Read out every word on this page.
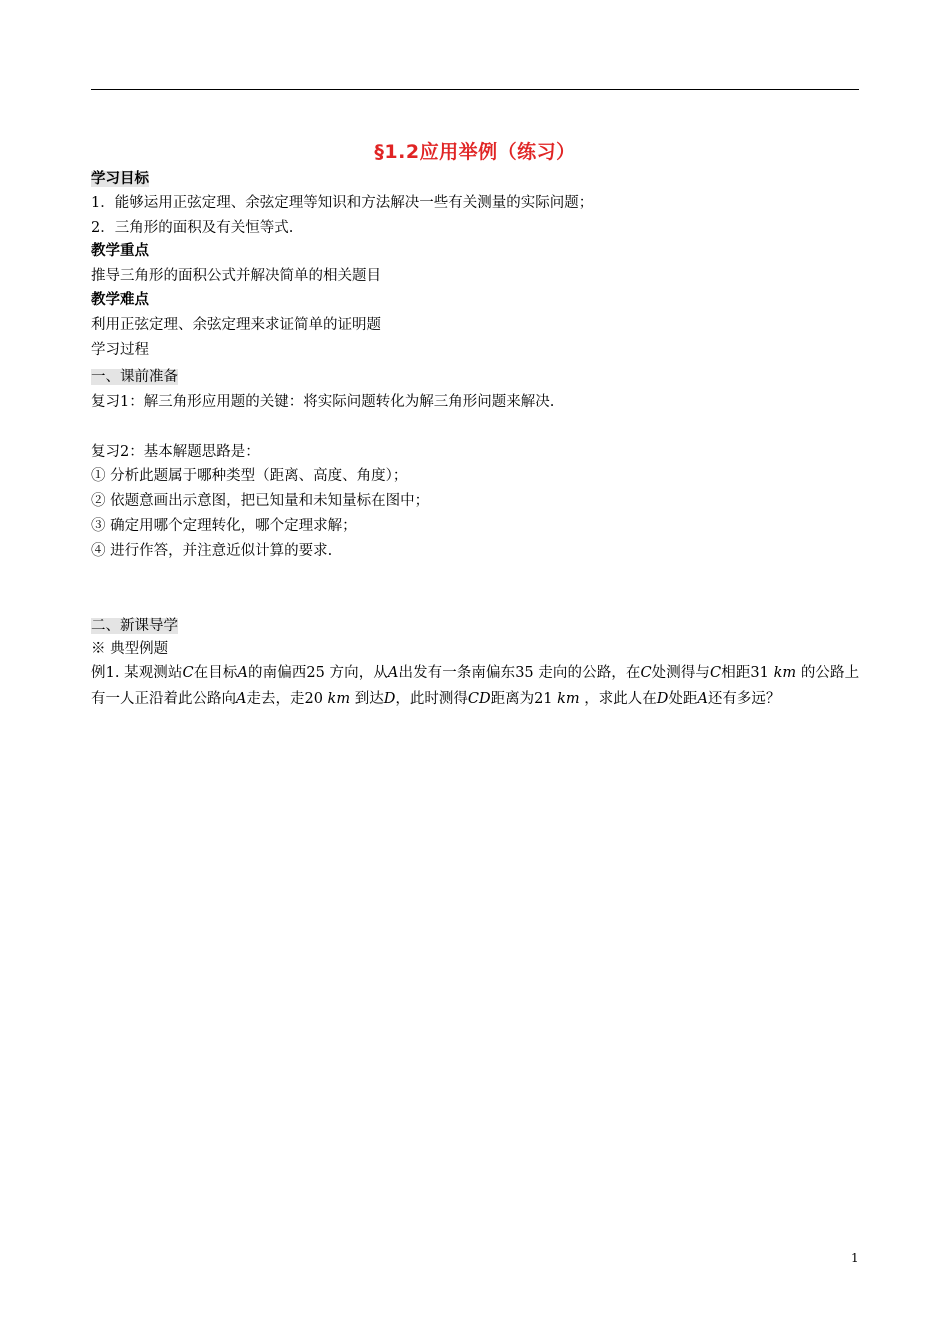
§1.2应用举例（练习）
学习目标
1．能够运用正弦定理、余弦定理等知识和方法解决一些有关测量的实际问题；
2．三角形的面积及有关恒等式.
教学重点
推导三角形的面积公式并解决简单的相关题目
教学难点
利用正弦定理、余弦定理来求证简单的证明题
学习过程
一、课前准备
复习1：解三角形应用题的关键：将实际问题转化为解三角形问题来解决.
复习2：基本解题思路是：
① 分析此题属于哪种类型（距离、高度、角度）；
② 依题意画出示意图，把已知量和未知量标在图中；
③ 确定用哪个定理转化，哪个定理求解；
④ 进行作答，并注意近似计算的要求.
二、新课导学
※ 典型例题
例1. 某观测站C在目标A的南偏西25 方向，从A出发有一条南偏东35 走向的公路，在C处测得与C相距31 km 的公路上有一人正沿着此公路向A走去，走20 km 到达D，此时测得CD距离为21 km ，求此人在D处距A还有多远？
1
